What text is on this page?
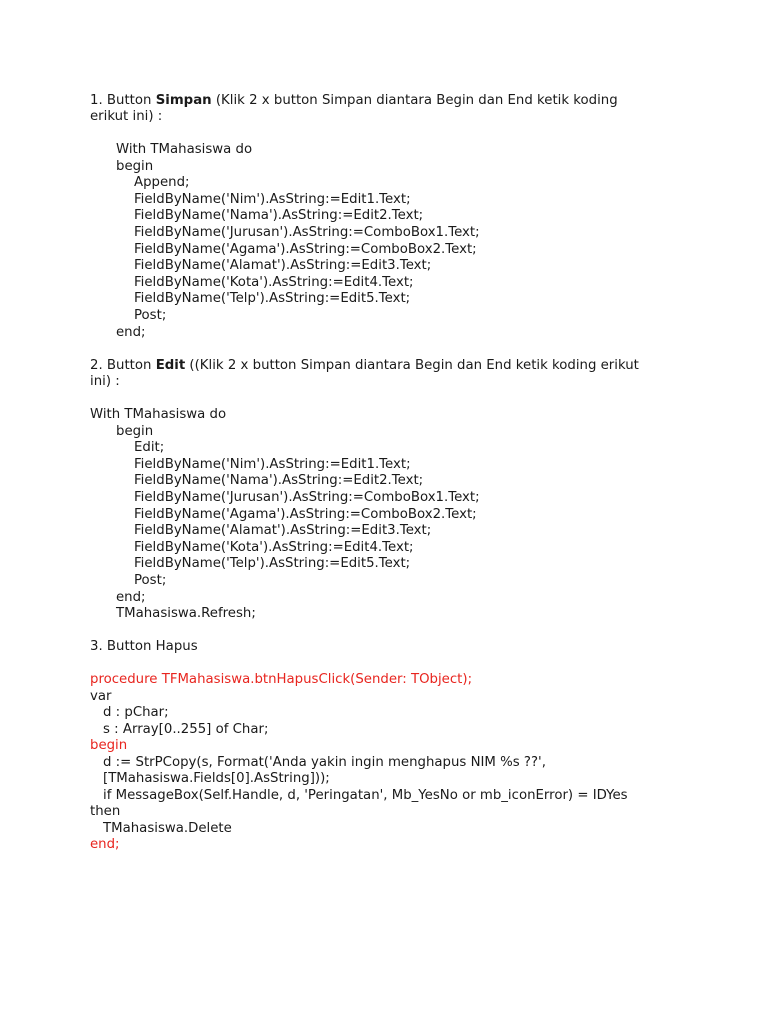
1. Button Simpan (Klik 2 x button Simpan diantara Begin dan End ketik koding
erikut ini) :
With TMahasiswa do
begin
Append;
FieldByName('Nim').AsString:=Edit1.Text;
FieldByName('Nama').AsString:=Edit2.Text;
FieldByName('Jurusan').AsString:=ComboBox1.Text;
FieldByName('Agama').AsString:=ComboBox2.Text;
FieldByName('Alamat').AsString:=Edit3.Text;
FieldByName('Kota').AsString:=Edit4.Text;
FieldByName('Telp').AsString:=Edit5.Text;
Post;
end;
2. Button Edit ((Klik 2 x button Simpan diantara Begin dan End ketik koding erikut
ini) :
With TMahasiswa do
begin
Edit;
FieldByName('Nim').AsString:=Edit1.Text;
FieldByName('Nama').AsString:=Edit2.Text;
FieldByName('Jurusan').AsString:=ComboBox1.Text;
FieldByName('Agama').AsString:=ComboBox2.Text;
FieldByName('Alamat').AsString:=Edit3.Text;
FieldByName('Kota').AsString:=Edit4.Text;
FieldByName('Telp').AsString:=Edit5.Text;
Post;
end;
TMahasiswa.Refresh;
3. Button Hapus
procedure TFMahasiswa.btnHapusClick(Sender: TObject);
var
d : pChar;
s : Array[0..255] of Char;
begin
d := StrPCopy(s, Format('Anda yakin ingin menghapus NIM %s ??',
[TMahasiswa.Fields[0].AsString]));
if MessageBox(Self.Handle, d, 'Peringatan', Mb_YesNo or mb_iconError) = IDYes
then
TMahasiswa.Delete
end;
